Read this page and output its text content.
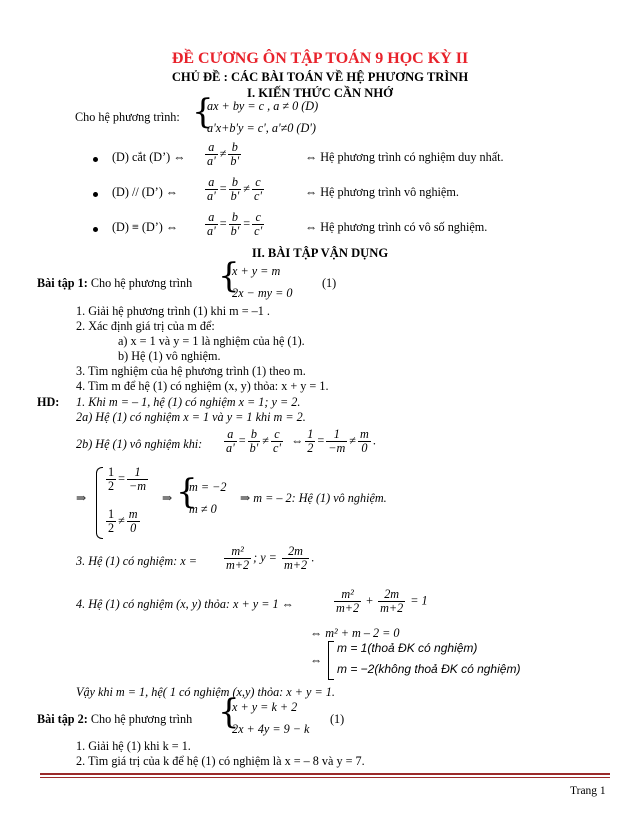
ĐỀ CƯƠNG ÔN TẬP TOÁN 9 HỌC KỲ II
CHỦ ĐỀ : CÁC BÀI TOÁN VỀ HỆ PHƯƠNG TRÌNH
I. KIẾN THỨC CẦN NHỚ
Cho hệ phương trình: {
ax + by = c , a ≠ 0 (D)
a'x+b'y = c', a'≠0 (D')
(D) cắt (D’) ⇔ $\frac{a}{a'} \ne \frac{b}{b'}$	⇔ Hệ phương trình có nghiệm duy nhất.
(D) // (D’) ⇔ $\frac{a}{a'} = \frac{b}{b'} \ne \frac{c}{c'}$	⇔ Hệ phương trình vô nghiệm.
(D) ≡ (D’) ⇔ $\frac{a}{a'} = \frac{b}{b'} = \frac{c}{c'}$	⇔ Hệ phương trình có vô số nghiệm.
II. BÀI TẬP VẬN DỤNG
Bài tập 1: Cho hệ phương trình {
x + y = m
2x − my = 0
(1)
1. Giải hệ phương trình (1) khi m = –1 .
2. Xác định giá trị của m để:
a) x = 1 và y = 1 là nghiệm của hệ (1).
b) Hệ (1) vô nghiệm.
3. Tìm nghiệm của hệ phương trình (1) theo m.
4. Tìm m để hệ (1) có nghiệm (x, y) thỏa: x + y = 1.
HD: 1. Khi m = – 1, hệ (1) có nghiệm x = 1; y = 2.
2a) Hệ (1) có nghiệm x = 1 và y = 1 khi m = 2.
2b) Hệ (1) vô nghiệm khi: $\frac{a}{a'} = \frac{b}{b'} \ne \frac{c}{c'}$ ⇔ $\frac{1}{2} = \frac{1}{-m} \ne \frac{m}{0}$ .
⇒
$\frac{1}{2} = \frac{1}{-m}$
$\frac{1}{2} \ne \frac{m}{0}$
⇒ {
m = −2
m ≠ 0
⇒ m = – 2: Hệ (1) vô nghiệm.
3. Hệ (1) có nghiệm: $x = \frac{\text{m²}}{m+2}$ ; $y = \frac{2m}{m+2}$ .
4. Hệ (1) có nghiệm (x, y) thỏa: x + y = 1 ⇔	$\frac{\text{m²}}{m+2} + \frac{2m}{m+2} = 1$
⇔ m² + m – 2 = 0
⇔
m = 1(thoả ĐK có nghiệm)
m = −2(không thoả ĐK có nghiệm)
Vậy khi m = 1, hệ( 1 có nghiệm (x,y) thỏa: x + y = 1.
Bài tập 2: Cho hệ phương trình {
x + y = k + 2
2x + 4y = 9 − k
(1)
1. Giải hệ (1) khi k = 1.
2. Tìm giá trị của k để hệ (1) có nghiệm là x = – 8 và y = 7.
Trang 1
